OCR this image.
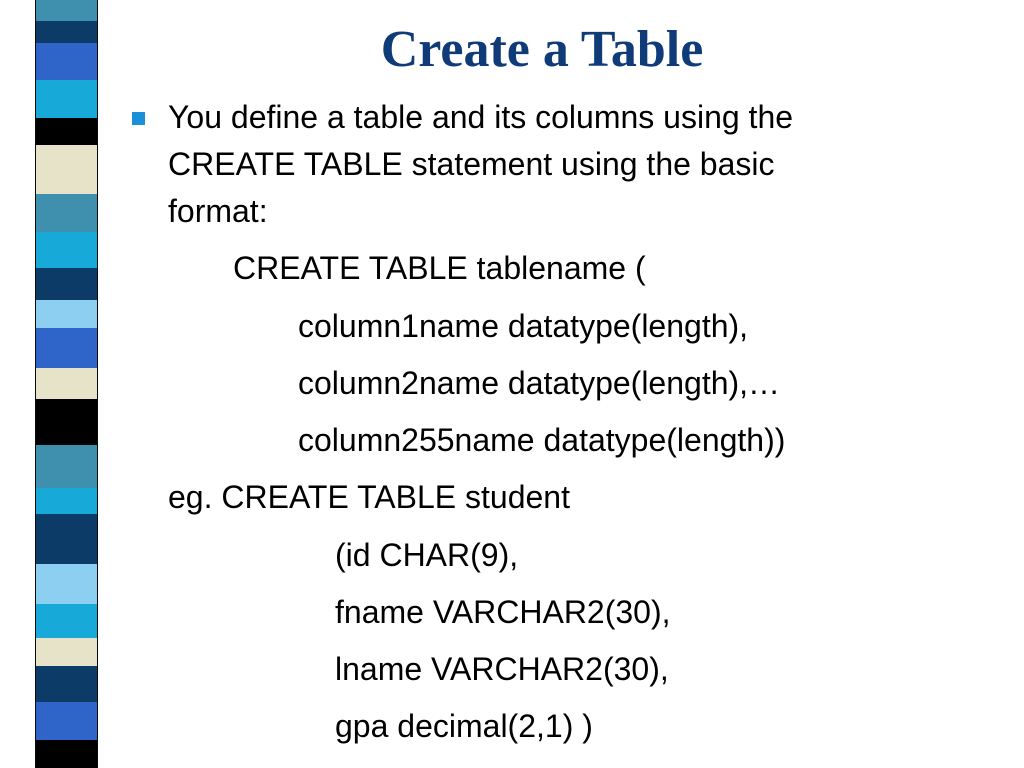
Create a Table

You define a table and its columns using the

CREATE TABLE statement using the basic

format:

CREATE TABLE tablename (

column1name datatype(length),

column2name datatype(length),…

column255name datatype(length))

eg. CREATE TABLE student

(id CHAR(9),

fname VARCHAR2(30),

lname VARCHAR2(30),

gpa decimal(2,1) )
